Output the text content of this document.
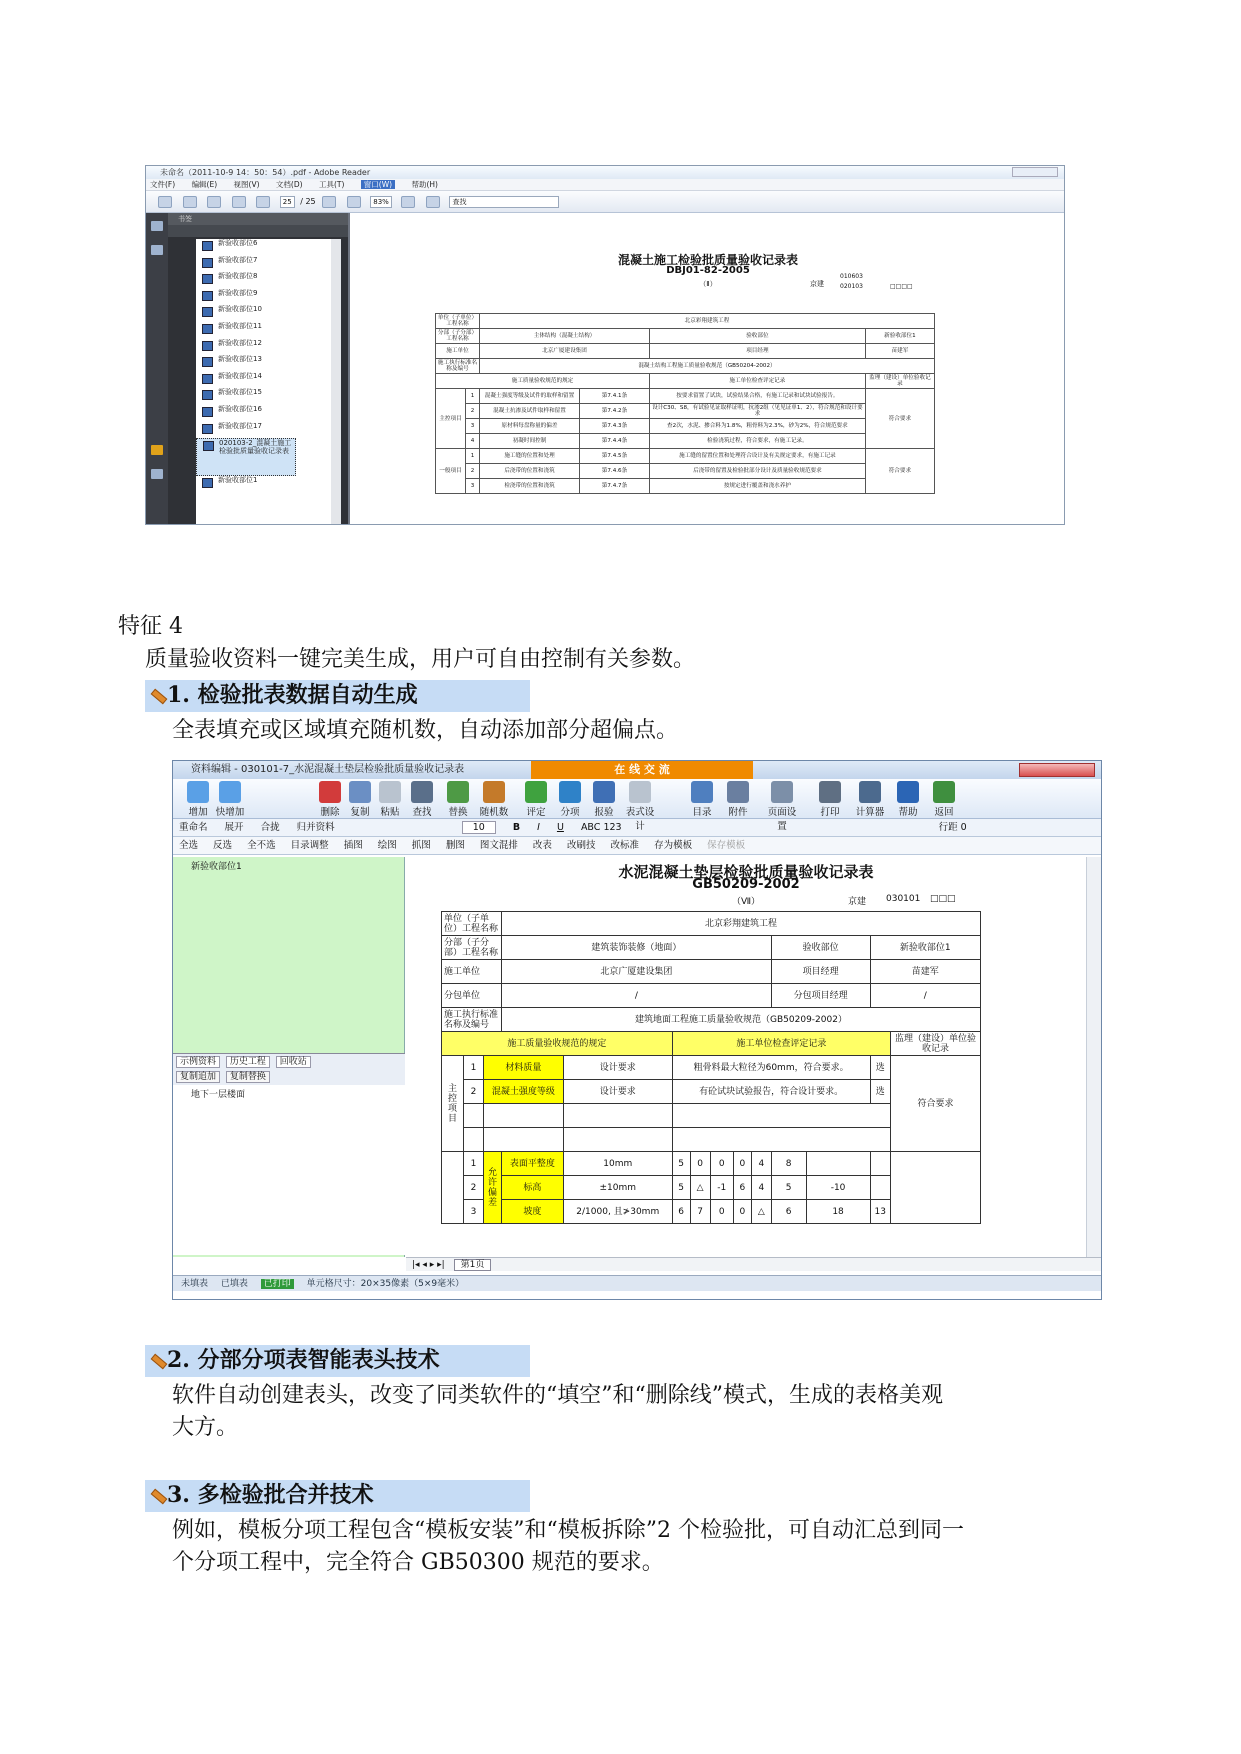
未命名（2011-10-9 14：50：54）.pdf - Adobe Reader
文件(F) 编辑(E) 视图(V) 文档(D) 工具(T)	窗口(W)	帮助(H)
25 / 25	83%	查找
书签
新验收部位6
新验收部位7
新验收部位8
新验收部位9
新验收部位10
新验收部位11
新验收部位12
新验收部位13
新验收部位14
新验收部位15
新验收部位16
新验收部位17
020103-2_混凝土施工检验批质量验收记录表
新验收部位1
混凝土施工检验批质量验收记录表
DBJ01-82-2005
（Ⅱ）	京建
010603
020103	□□□□
单位（子单位）工程名称		北京彩翔建筑工程			
分部（子分部）工程名称		主体结构（混凝土结构）		验收部位	新验收部位1
施工单位		北京广厦建设集团		项目经理	苗建军
施工执行标准名称及编号		混凝土结构工程施工质量验收规范（GB50204-2002）			
施工质量验收规范的规定				施工单位检查评定记录	监理（建设）单位验收记录
主控项目	1	混凝土强度等级及试件的取样和留置	第7.4.1条	按要求留置了试块，试验结果合格，有施工记录和试块试验报告。	符合要求
	2	混凝土抗渗及试件取样和留置	第7.4.2条	设计C30、S8，有试验见证取样证明，抗渗2组（见见证单1、2），符合规范和设计要求	
	3	原材料每盘称量的偏差	第7.4.3条	查2次，水泥、掺合料为1.8%，粗骨料为2.3%，砂为2%，符合规范要求	
	4	初凝时间控制	第7.4.4条	检验浇筑过程，符合要求，有施工记录。	
一般项目	1	施工缝的位置和处理	第7.4.5条	施工缝的留置位置和处理符合设计及有关规定要求，有施工记录	符合要求
	2	后浇带的位置和浇筑	第7.4.6条	后浇带的留置及检验批部分设计及质量验收规范要求	
	3	检浇带的位置和浇筑	第7.4.7条	按规定进行覆盖和浇水养护	
特征 4
质量验收资料一键完美生成，用户可自由控制有关参数。
1. 检验批表数据自动生成
全表填充或区域填充随机数，自动添加部分超偏点。
资料编辑 - 030101-7_水泥混凝土垫层检验批质量验收记录表	在 线 交 流
增加 快增加	删除	复制	粘贴	查找	替换	随机数	评定	分项	报验	表式设计
目录	附件	页面设置
打印	计算器	帮助	返回
重命名 展开 合拢 归并资料	10	B I U ABC 123	行距 0
全选 反选 全不选 目录调整 插图 绘图 抓图 删图 图文混排 改表 改刷技 改标准 存为模板 保存模板
新验收部位1
示例资料 历史工程 回收站
复制追加 复制替换
地下一层楼面
水泥混凝土垫层检验批质量验收记录表
GB50209-2002
（Ⅶ）	京建 030101 □□□
单位（子单位）工程名称			北京彩翔建筑工程										
分部（子分部）工程名称			建筑装饰装修（地面）							验收部位		新验收部位1	
施工单位			北京广厦建设集团							项目经理		苗建军	
分包单位			/							分包项目经理		/	
施工执行标准名称及编号			建筑地面工程施工质量验收规范（GB50209-2002）										
施工质量验收规范的规定					施工单位检查评定记录								监理（建设）单位验收记录
主控项目	1	材料质量		设计要求	粗骨料最大粒径为60mm，符合要求。							选	符合要求
	2	混凝土强度等级		设计要求	有砼试块试验报告，符合设计要求。							选	

	1	允许偏差	表面平整度	10mm	5	0	0	0	4	8			
	2		标高	±10mm	5	△	-1	6	4	5	-10		
	3		坡度	2/1000, 且≯30mm	6	7	0	0	△	6	18	13	
|◂ ◂ ▸ ▸| 第1页
未填表 已填表 已打印 单元格尺寸：20×35像素（5×9毫米）
2. 分部分项表智能表头技术
软件自动创建表头，改变了同类软件的“填空”和“删除线”模式，生成的表格美观
大方。
3. 多检验批合并技术
例如，模板分项工程包含“模板安装”和“模板拆除”2 个检验批，可自动汇总到同一
个分项工程中，完全符合 GB50300 规范的要求。
